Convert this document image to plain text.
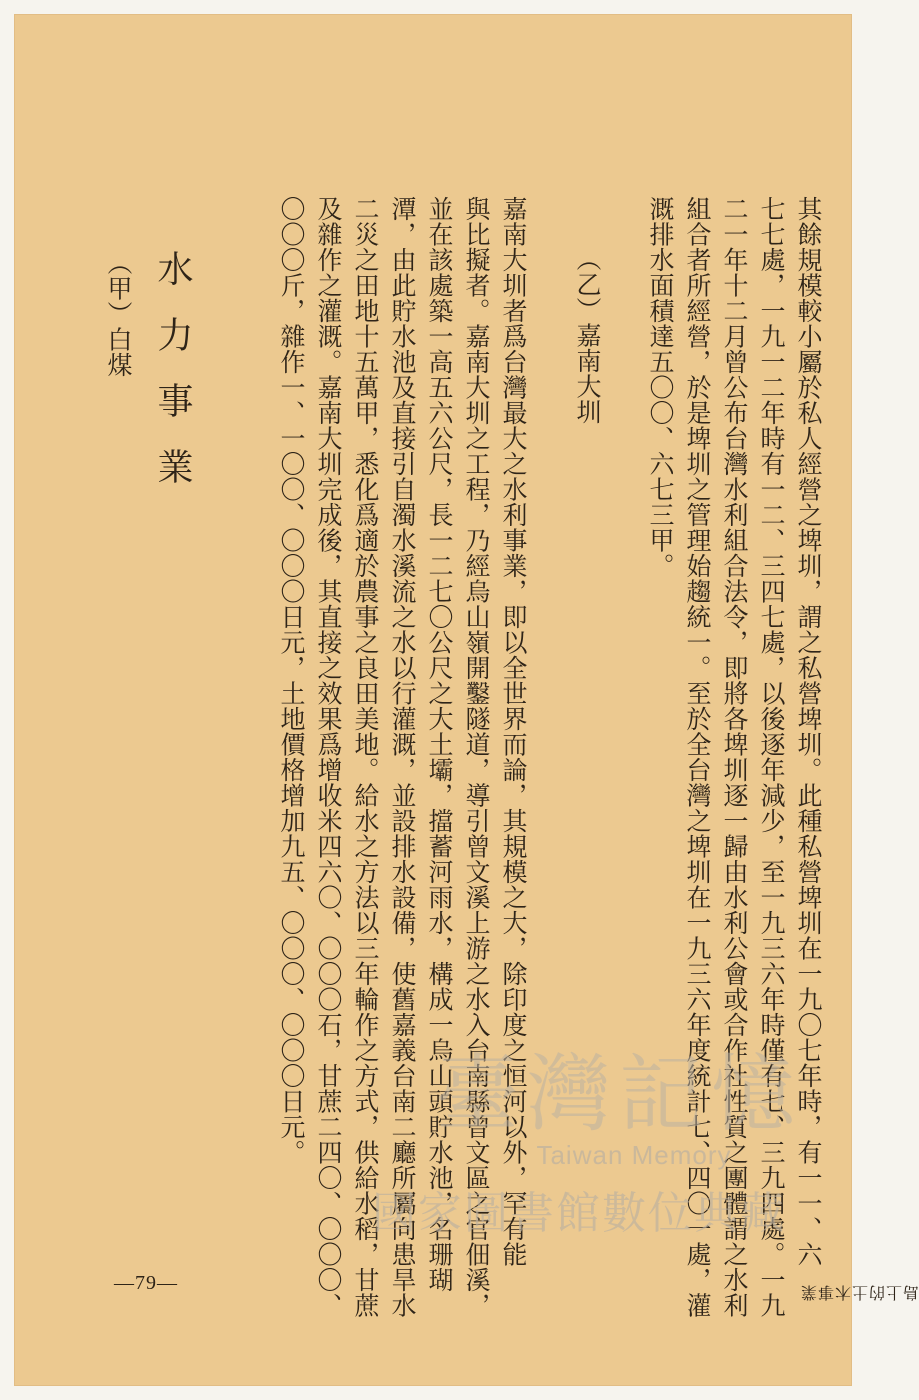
其餘規模較小屬於私人經營之埤圳，謂之私營埤圳。此種私營埤圳在一九〇七年時，有一一、六
七七處，一九一二年時有一二、三四七處，以後逐年減少，至一九三六年時僅有七、三九四處。一九
二一年十二月曾公布台灣水利組合法令，即將各埤圳逐一歸由水利公會或合作社性質之團體謂之水利
組合者所經營，於是埤圳之管理始趨統一。至於全台灣之埤圳在一九三六年度統計七、四〇一處，灌
溉排水面積達五〇〇、六七三甲。
（乙）嘉南大圳
嘉南大圳者爲台灣最大之水利事業，即以全世界而論，其規模之大，除印度之恒河以外，罕有能
與比擬者。嘉南大圳之工程，乃經烏山嶺開鑿隧道，導引曾文溪上游之水入台南縣曾文區之官佃溪，
並在該處築一高五六公尺，長一二七〇公尺之大土壩，擋蓄河雨水，構成一烏山頭貯水池，名珊瑚
潭，由此貯水池及直接引自濁水溪流之水以行灌溉，並設排水設備，使舊嘉義台南二廳所屬向患旱水
二災之田地十五萬甲，悉化爲適於農事之良田美地。給水之方法以三年輪作之方式，供給水稻，甘蔗
及雜作之灌溉。嘉南大圳完成後，其直接之效果爲增收米四六〇、〇〇〇石，甘蔗二四〇、〇〇〇、
〇〇〇斤，雜作一、一〇〇、〇〇〇日元，土地價格增加九五、〇〇〇、〇〇〇日元。
水力事業
（甲）白煤
島上的土木事業
—79—
臺灣記憶
Taiwan Memory
國家圖書館數位典藏
